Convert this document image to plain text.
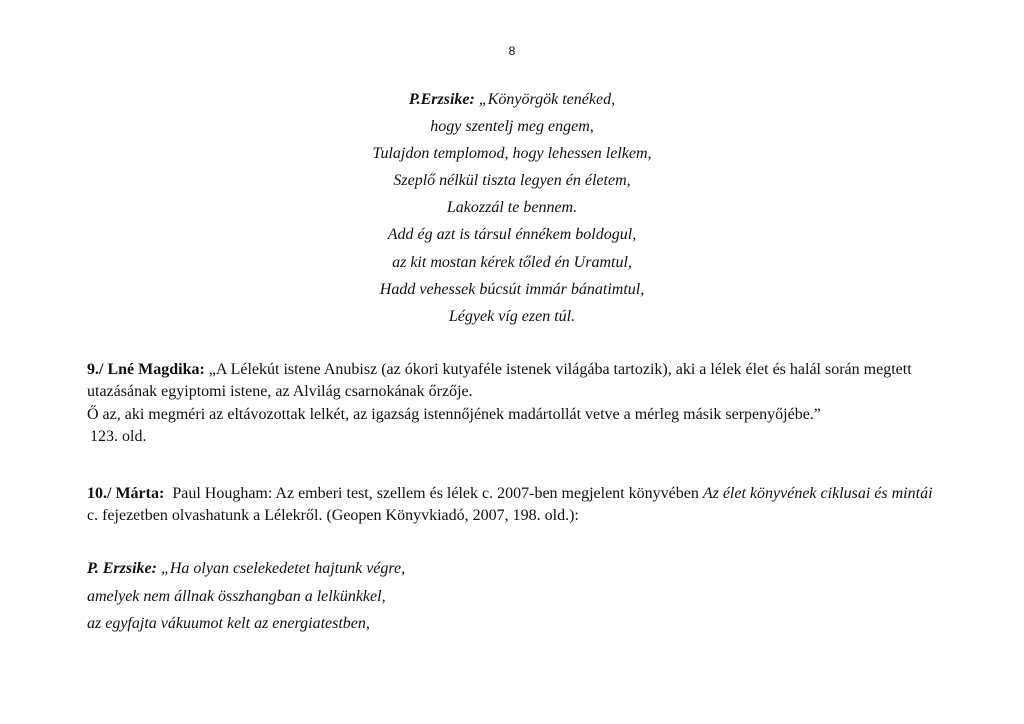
8
P.Erzsike: „Könyörgök tenéked,
hogy szentelj meg engem,
Tulajdon templomod, hogy lehessen lelkem,
Szeplő nélkül tiszta legyen én életem,
Lakozzál te bennem.
Add ég azt is társul énnékem boldogul,
az kit mostan kérek tőled én Uramtul,
Hadd vehessek búcsút immár bánatimtul,
Légyek víg ezen túl.
9./ Lné Magdika: „A Lélekút istene Anubisz (az ókori kutyaféle istenek világába tartozik), aki a lélek élet és halál során megtett utazásának egyiptomi istene, az Alvilág csarnokának őrzője.
Ő az, aki megméri az eltávozottak lelkét, az igazság istennőjének madártollát vetve a mérleg másik serpenyőjébe.”
123. old.
10./ Márta: Paul Hougham: Az emberi test, szellem és lélek c. 2007-ben megjelent könyvében Az élet könyvének ciklusai és mintái c. fejezetben olvashatunk a Lélekről. (Geopen Könyvkiadó, 2007, 198. old.):
P. Erzsike: „Ha olyan cselekedetet hajtunk végre,
amelyek nem állnak összhangban a lelkünkkel,
az egyfajta vákuumot kelt az energiatestben,
